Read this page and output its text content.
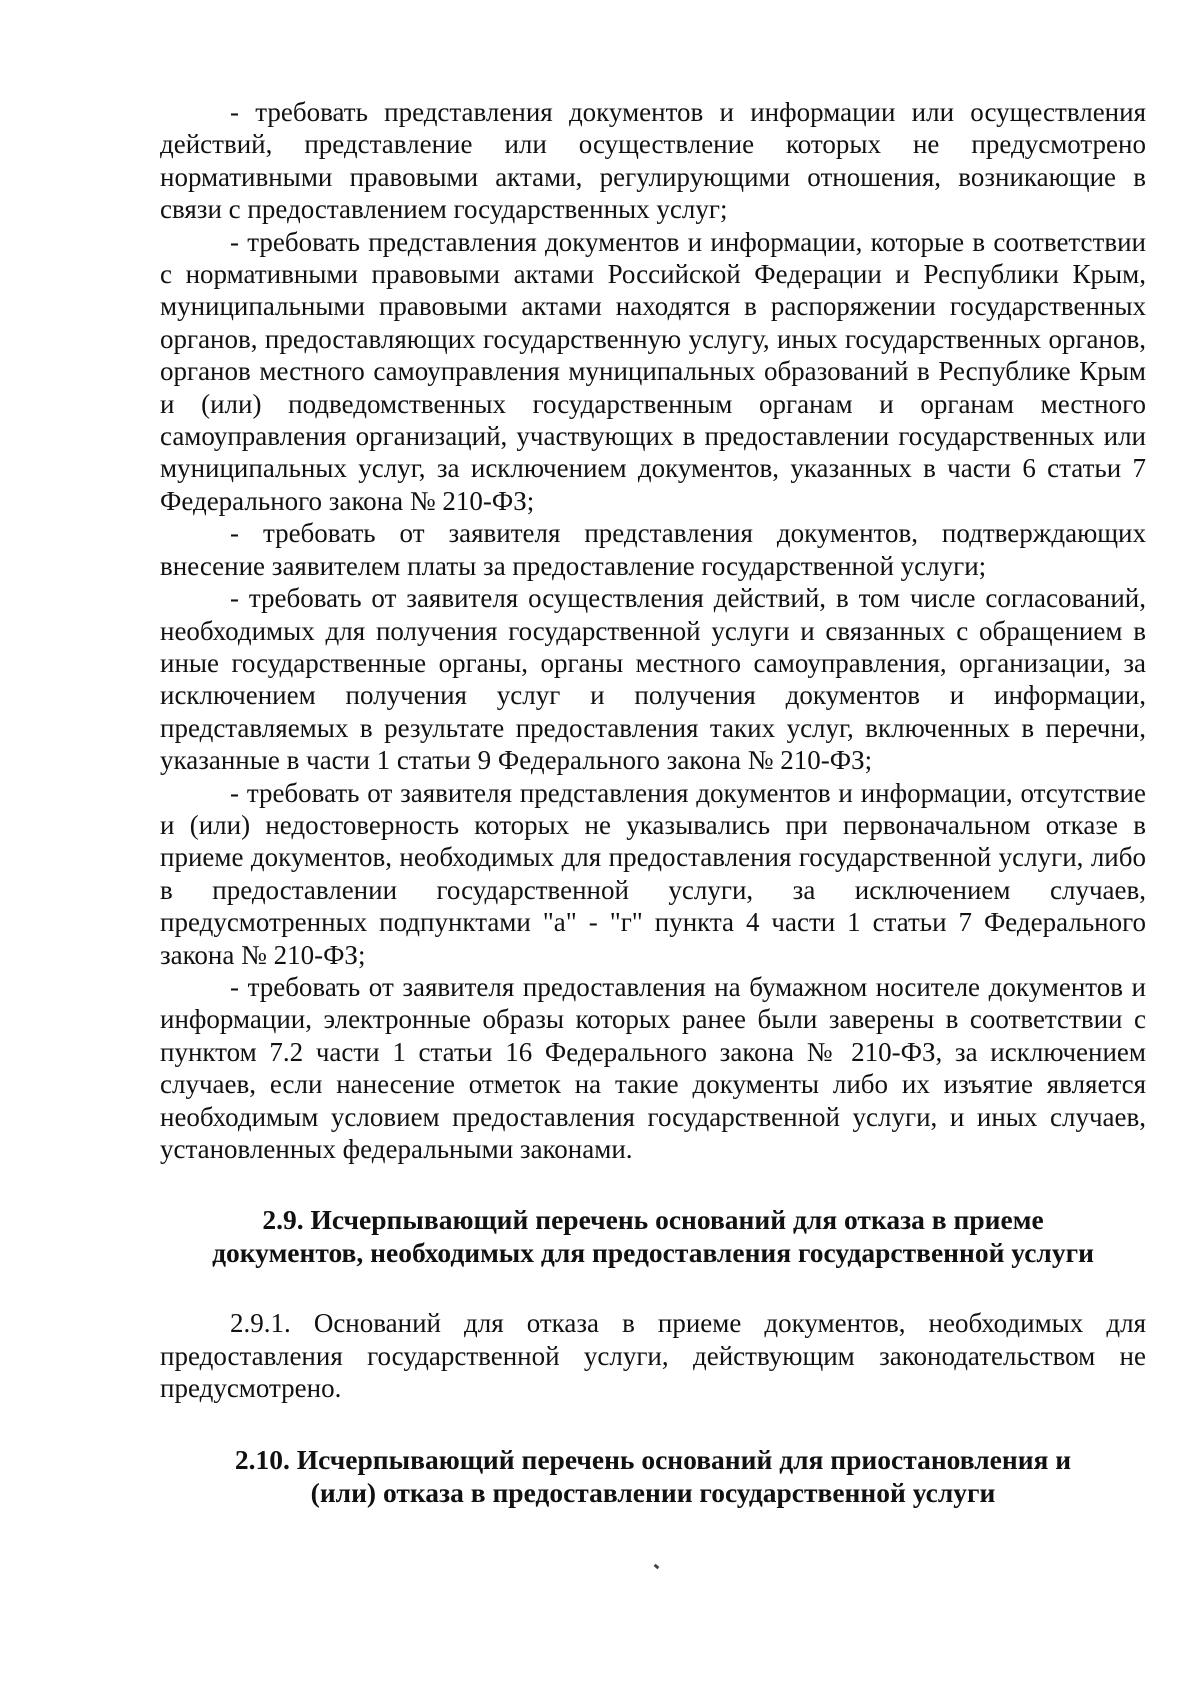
- требовать представления документов и информации или осуществления действий, представление или осуществление которых не предусмотрено нормативными правовыми актами, регулирующими отношения, возникающие в связи с предоставлением государственных услуг;

- требовать представления документов и информации, которые в соответствии с нормативными правовыми актами Российской Федерации и Республики Крым, муниципальными правовыми актами находятся в распоряжении государственных органов, предоставляющих государственную услугу, иных государственных органов, органов местного самоуправления муниципальных образований в Республике Крым и (или) подведомственных государственным органам и органам местного самоуправления организаций, участвующих в предоставлении государственных или муниципальных услуг, за исключением документов, указанных в части 6 статьи 7 Федерального закона № 210-ФЗ;

- требовать от заявителя представления документов, подтверждающих внесение заявителем платы за предоставление государственной услуги;

- требовать от заявителя осуществления действий, в том числе согласований, необходимых для получения государственной услуги и связанных с обращением в иные государственные органы, органы местного самоуправления, организации, за исключением получения услуг и получения документов и информации, представляемых в результате предоставления таких услуг, включенных в перечни, указанные в части 1 статьи 9 Федерального закона № 210-ФЗ;

- требовать от заявителя представления документов и информации, отсутствие и (или) недостоверность которых не указывались при первоначальном отказе в приеме документов, необходимых для предоставления государственной услуги, либо в предоставлении государственной услуги, за исключением случаев, предусмотренных подпунктами "а" - "г" пункта 4 части 1 статьи 7 Федерального закона № 210-ФЗ;

- требовать от заявителя предоставления на бумажном носителе документов и информации, электронные образы которых ранее были заверены в соответствии с пунктом 7.2 части 1 статьи 16 Федерального закона № 210-ФЗ, за исключением случаев, если нанесение отметок на такие документы либо их изъятие является необходимым условием предоставления государственной услуги, и иных случаев, установленных федеральными законами.

2.9. Исчерпывающий перечень оснований для отказа в приеме
документов, необходимых для предоставления государственной услуги

2.9.1. Оснований для отказа в приеме документов, необходимых для предоставления государственной услуги, действующим законодательством не предусмотрено.

2.10. Исчерпывающий перечень оснований для приостановления и
(или) отказа в предоставлении государственной услуги
